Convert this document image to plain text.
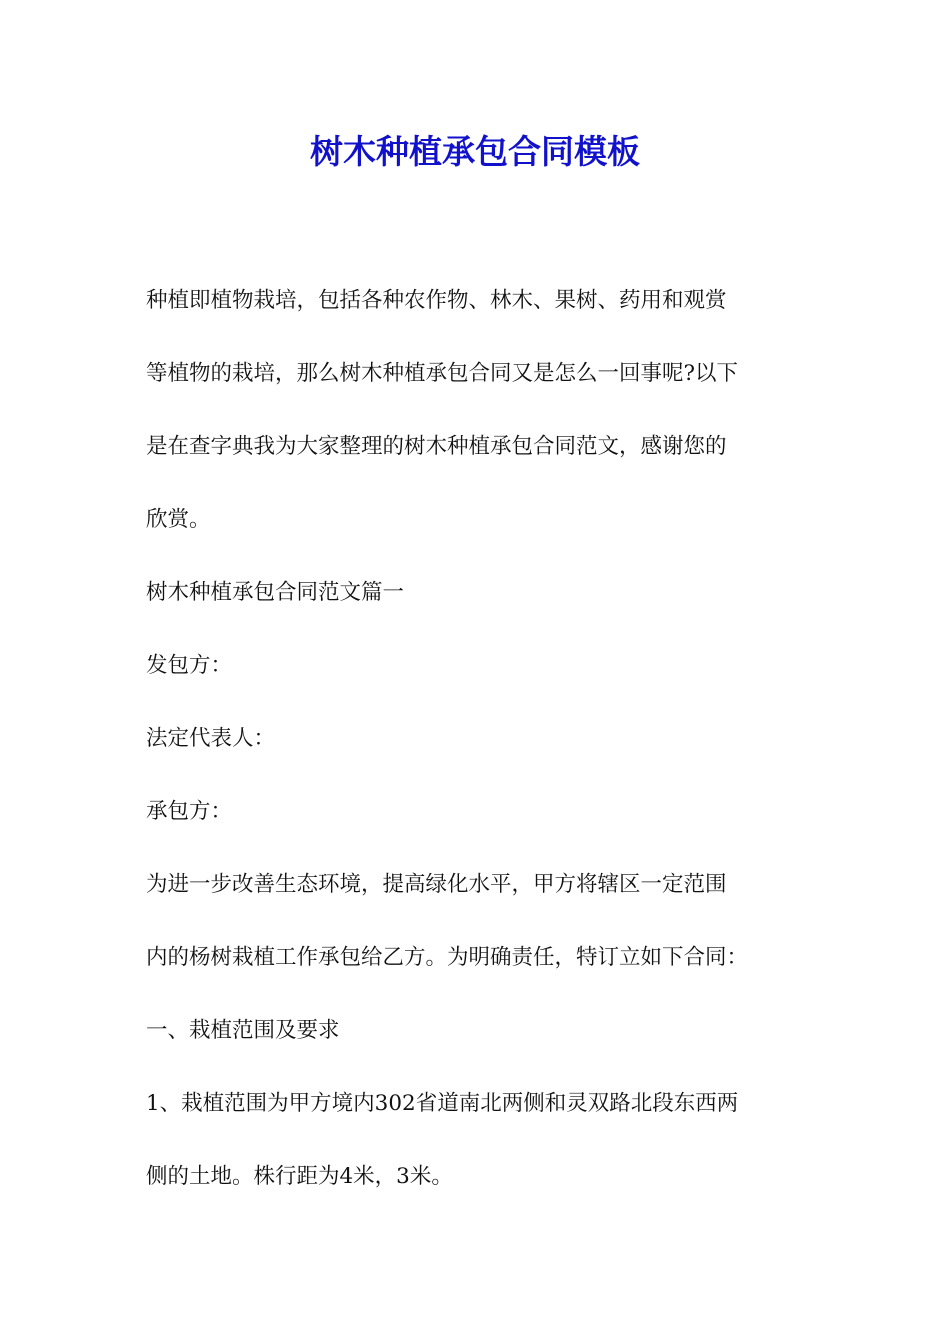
树木种植承包合同模板

种植即植物栽培，包括各种农作物、林木、果树、药用和观赏
等植物的栽培，那么树木种植承包合同又是怎么一回事呢?以下
是在查字典我为大家整理的树木种植承包合同范文，感谢您的
欣赏。

树木种植承包合同范文篇一

发包方：

法定代表人：

承包方：

为进一步改善生态环境，提高绿化水平，甲方将辖区一定范围
内的杨树栽植工作承包给乙方。为明确责任，特订立如下合同：

一、栽植范围及要求

1、栽植范围为甲方境内302省道南北两侧和灵双路北段东西两
侧的土地。株行距为4米，3米。
